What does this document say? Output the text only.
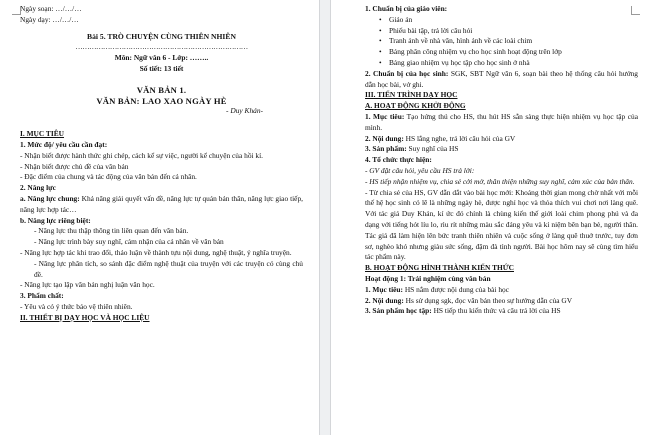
Ngày soạn: …/…/…

Ngày dạy: …/…/…

Bài 5. TRÒ CHUYỆN CÙNG THIÊN NHIÊN

…………………………………………………………………

Môn: Ngữ văn 6 - Lớp: ……..

Số tiết: 13 tiết

VĂN BẢN 1.

VĂN BẢN: LAO XAO NGÀY HÈ

- Duy Khán-

I. MỤC TIÊU

1. Mức độ/ yêu cầu cần đạt:

- Nhận biết được hành thức ghi chép, cách kể sự việc, người kể chuyện của hồi kí.

- Nhận biết được chủ đề của văn bản

- Đặc điểm của chung và tác động của văn bản đến cả nhân.

2. Năng lực

a. Năng lực chung: Khả năng giải quyết vấn đề, năng lực tự quản bản thân, năng lực giao tiếp, năng lực hợp tác…

b. Năng lực riêng biệt:

- Năng lực thu thập thông tin liên quan đến văn bản.

- Năng lực trình bày suy nghĩ, cảm nhận của cá nhân về văn bản

- Năng lực hợp tác khi trao đổi, thảo luận về thành tựu nội dung, nghệ thuật, ý nghĩa truyện.

- Năng lực phân tích, so sánh đặc điểm nghệ thuật của truyện với các truyện có cùng chủ đề.

- Năng lực tạo lập văn bản nghị luận văn học.

3. Phẩm chất:

- Yêu và có ý thức bảo vệ thiên nhiên.

II. THIẾT BỊ DẠY HỌC VÀ HỌC LIỆU

1. Chuẩn bị của giáo viên:

• Giáo án

• Phiếu bài tập, trả lời câu hỏi

• Tranh ảnh về nhà văn, hình ảnh về các loài chim

• Bảng phân công nhiệm vụ cho học sinh hoạt động trên lớp

• Bảng giao nhiệm vụ học tập cho học sinh ở nhà

2. Chuẩn bị của học sinh: SGK, SBT Ngữ văn 6, soạn bài theo hệ thống câu hỏi hướng dẫn học bài, vở ghi.

III. TIẾN TRÌNH DẠY HỌC

A. HOẠT ĐỘNG KHỞI ĐỘNG

1. Mục tiêu: Tạo hứng thú cho HS, thu hút HS sẵn sàng thực hiện nhiệm vụ học tập của mình.

2. Nội dung: HS lắng nghe, trả lời câu hỏi của GV

3. Sản phẩm: Suy nghĩ của HS

4. Tổ chức thực hiện:

- GV đặt câu hỏi, yêu cầu HS trả lời:

- HS tiếp nhận nhiệm vụ, chia sẻ cởi mở, thân thiện những suy nghĩ, cảm xúc của bản thân.

- Từ chia sẻ của HS, GV dẫn dắt vào bài học mới: Khoảng thời gian mong chờ nhất với mỗi thế hệ học sinh có lẽ là những ngày hè, được nghỉ học và thỏa thích vui chơi nơi làng quê. Với tác giả Duy Khán, kí ức đó chính là chùng kiến thế giới loài chim phong phú và đa dạng với tiếng hót líu lo, rìu rít những màu sắc đáng yêu và kỉ niệm bên bạn bè, người thân. Tác giả đã làm hiện lên bức tranh thiên nhiên và cuộc sống ở làng quê thuở trước, tuy đơn sơ, nghèo khó nhưng giàu sức sống, đậm đà tình người. Bài học hôm nay sẽ cùng tìm hiểu tác phẩm này.

B. HOẠT ĐỘNG HÌNH THÀNH KIẾN THỨC

Hoạt động 1: Trải nghiệm cùng văn bản

1. Mục tiêu: HS nắm được nội dung của bài học

2. Nội dung: Hs sử dụng sgk, đọc văn bản theo sự hướng dẫn của GV

3. Sản phẩm học tập: HS tiếp thu kiến thức và câu trả lời của HS
